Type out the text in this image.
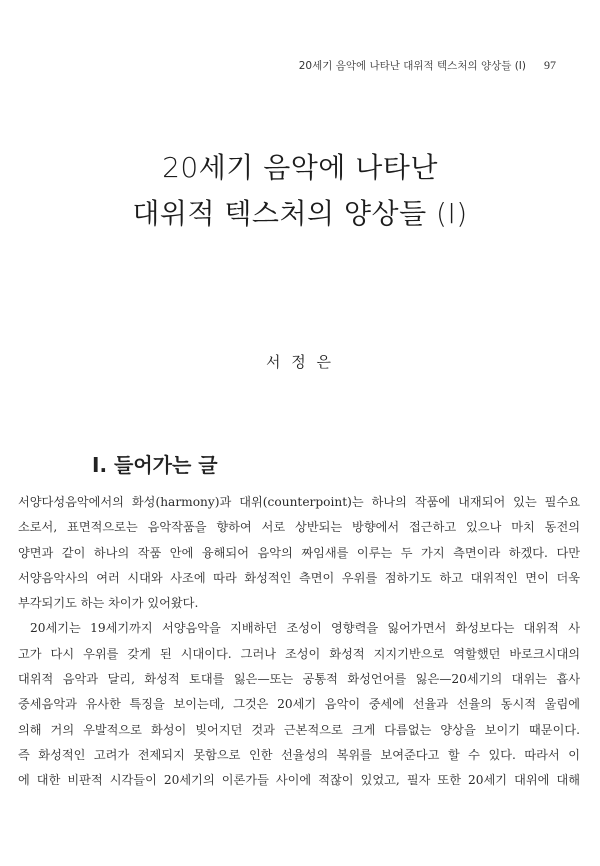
20세기 음악에 나타난 대위적 텍스처의 양상들 (Ⅰ) 97
20세기 음악에 나타난
대위적 텍스처의 양상들 (Ⅰ)
서 정 은
Ⅰ. 들어가는 글
서양다성음악에서의 화성(harmony)과 대위(counterpoint)는 하나의 작품에 내재되어 있는 필수요
소로서, 표면적으로는 음악작품을 향하여 서로 상반되는 방향에서 접근하고 있으나 마치 동전의
양면과 같이 하나의 작품 안에 융해되어 음악의 짜임새를 이루는 두 가지 측면이라 하겠다. 다만
서양음악사의 여러 시대와 사조에 따라 화성적인 측면이 우위를 점하기도 하고 대위적인 면이 더욱
부각되기도 하는 차이가 있어왔다.
20세기는 19세기까지 서양음악을 지배하던 조성이 영향력을 잃어가면서 화성보다는 대위적 사
고가 다시 우위를 갖게 된 시대이다. 그러나 조성이 화성적 지지기반으로 역할했던 바로크시대의
대위적 음악과 달리, 화성적 토대를 잃은—또는 공통적 화성언어를 잃은—20세기의 대위는 흡사
중세음악과 유사한 특징을 보이는데, 그것은 20세기 음악이 중세에 선율과 선율의 동시적 울림에
의해 거의 우발적으로 화성이 빚어지던 것과 근본적으로 크게 다름없는 양상을 보이기 때문이다.
즉 화성적인 고려가 전제되지 못함으로 인한 선율성의 복위를 보여준다고 할 수 있다. 따라서 이
에 대한 비판적 시각들이 20세기의 이론가들 사이에 적잖이 있었고, 필자 또한 20세기 대위에 대해
